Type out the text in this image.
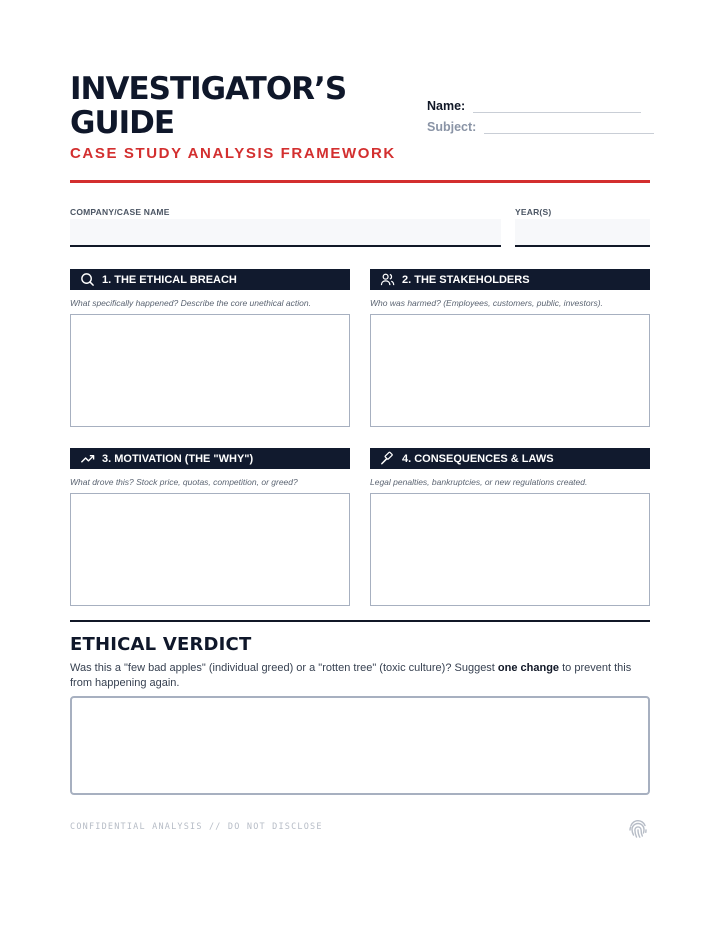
INVESTIGATOR’S GUIDE
CASE STUDY ANALYSIS FRAMEWORK
Name:
Subject:
COMPANY/CASE NAME	YEAR(S)
1. THE ETHICAL BREACH
What specifically happened? Describe the core unethical action.
2. THE STAKEHOLDERS
Who was harmed? (Employees, customers, public, investors).
3. MOTIVATION (THE "WHY")
What drove this? Stock price, quotas, competition, or greed?
4. CONSEQUENCES & LAWS
Legal penalties, bankruptcies, or new regulations created.
ETHICAL VERDICT
Was this a "few bad apples" (individual greed) or a "rotten tree" (toxic culture)? Suggest one change to prevent this from happening again.
CONFIDENTIAL ANALYSIS // DO NOT DISCLOSE
